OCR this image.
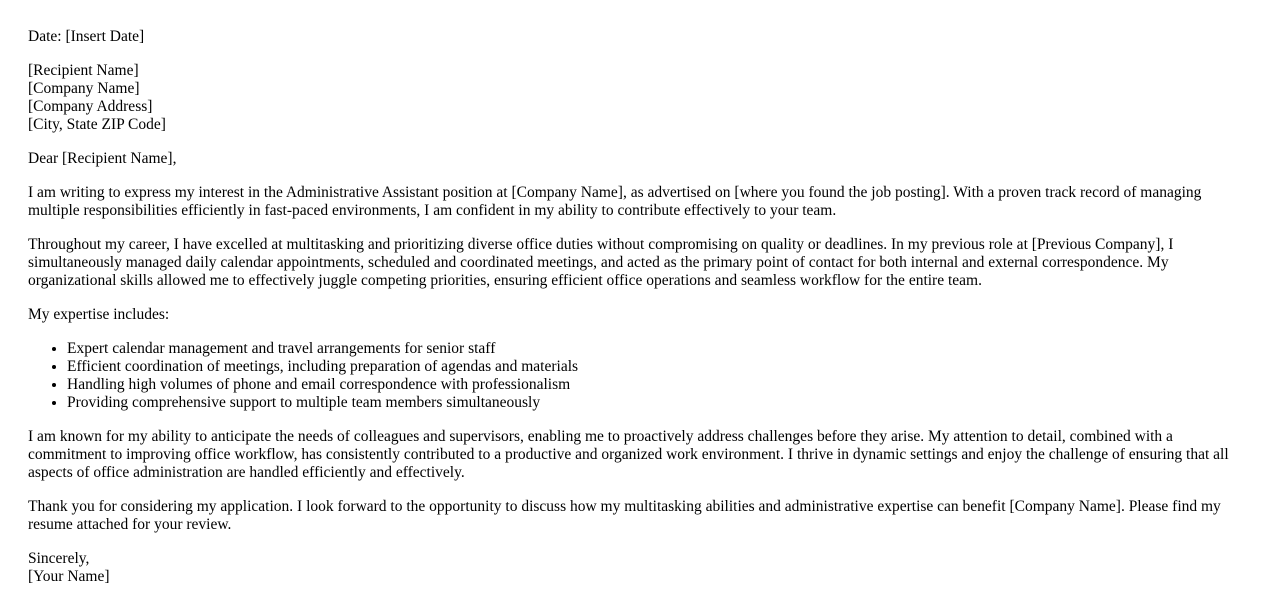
Date: [Insert Date]

[Recipient Name]
[Company Name]
[Company Address]
[City, State ZIP Code]

Dear [Recipient Name],

I am writing to express my interest in the Administrative Assistant position at [Company Name], as advertised on [where you found the job posting]. With a proven track record of managing multiple responsibilities efficiently in fast-paced environments, I am confident in my ability to contribute effectively to your team.

Throughout my career, I have excelled at multitasking and prioritizing diverse office duties without compromising on quality or deadlines. In my previous role at [Previous Company], I simultaneously managed daily calendar appointments, scheduled and coordinated meetings, and acted as the primary point of contact for both internal and external correspondence. My organizational skills allowed me to effectively juggle competing priorities, ensuring efficient office operations and seamless workflow for the entire team.

My expertise includes:

• Expert calendar management and travel arrangements for senior staff
• Efficient coordination of meetings, including preparation of agendas and materials
• Handling high volumes of phone and email correspondence with professionalism
• Providing comprehensive support to multiple team members simultaneously

I am known for my ability to anticipate the needs of colleagues and supervisors, enabling me to proactively address challenges before they arise. My attention to detail, combined with a commitment to improving office workflow, has consistently contributed to a productive and organized work environment. I thrive in dynamic settings and enjoy the challenge of ensuring that all aspects of office administration are handled efficiently and effectively.

Thank you for considering my application. I look forward to the opportunity to discuss how my multitasking abilities and administrative expertise can benefit [Company Name]. Please find my resume attached for your review.

Sincerely,
[Your Name]
